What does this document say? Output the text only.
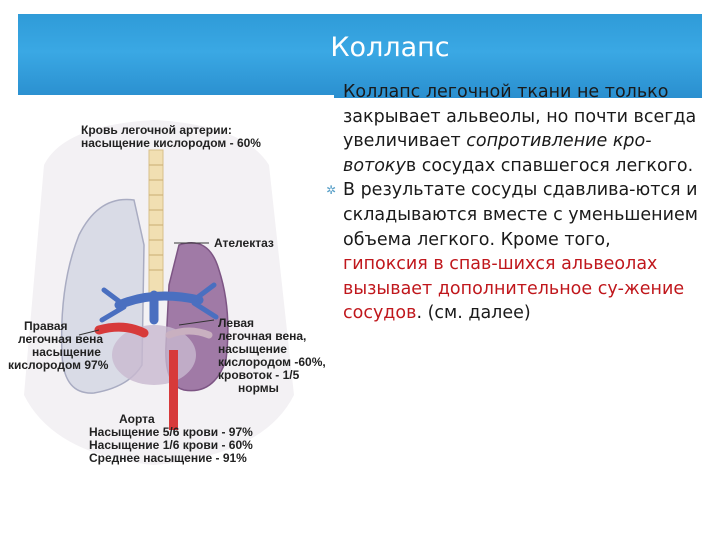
Коллапс
Кровь легочной артерии:
насыщение кислородом - 60%
Ателектаз
Правая
легочная вена
насыщение
кислородом 97%
Левая
легочная вена,
насыщение
кислородом -60%,
кровоток - 1/5
нормы
Аорта
Насыщение 5/6 крови - 97%
Насыщение 1/6 крови - 60%
Среднее насыщение - 91%
Коллапс легочной ткани не только закрывает альвеолы, но почти всегда увеличивает сопротивление кро-вотокув сосудах спавшегося легкого.
✲ В результате сосуды сдавлива-ются и складываются вместе с уменьшением объема легкого. Кроме того, гипоксия в спав-шихся альвеолах вызывает дополнительное су-жение сосудов. (см. далее)
